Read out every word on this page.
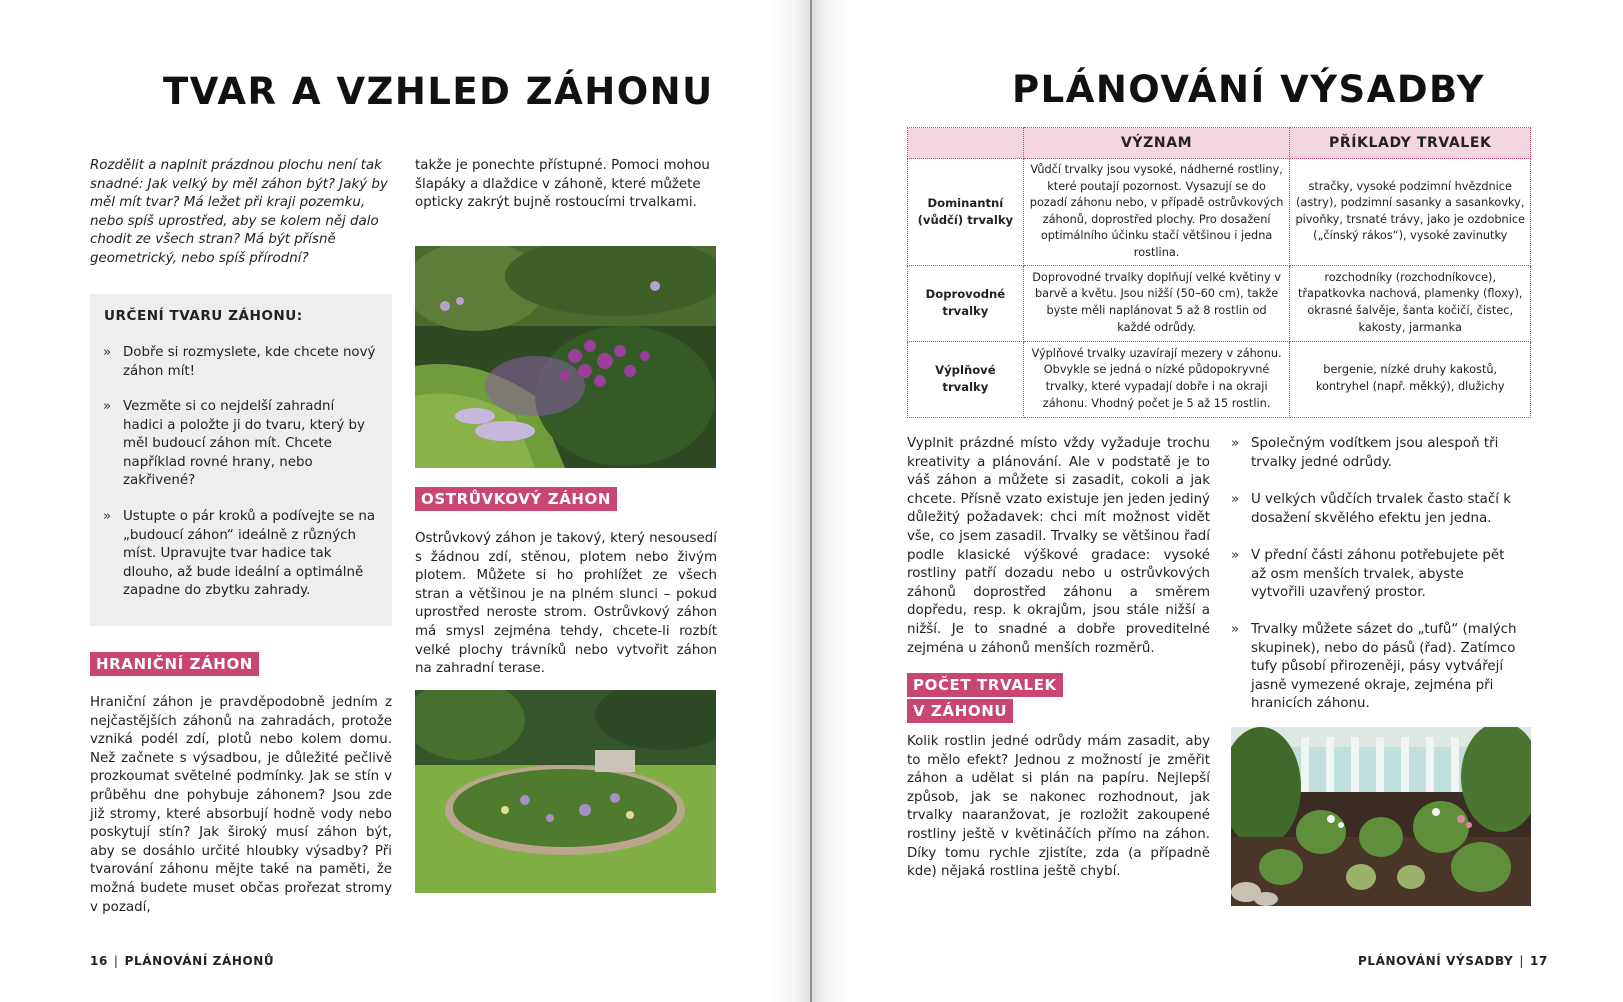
TVAR A VZHLED ZÁHONU

Rozdělit a naplnit prázdnou plochu není tak snadné: Jak velký by měl záhon být? Jaký by měl mít tvar? Má ležet při kraji pozemku, nebo spíš uprostřed, aby se kolem něj dalo chodit ze všech stran? Má být přísně geometrický, nebo spíš přírodní?

URČENÍ TVARU ZÁHONU:

» Dobře si rozmyslete, kde chcete nový záhon mít!
» Vezměte si co nejdelší zahradní hadici a položte ji do tvaru, který by měl budoucí záhon mít. Chcete například rovné hrany, nebo zakřivené?
» Ustupte o pár kroků a podívejte se na „budoucí záhon“ ideálně z různých míst. Upravujte tvar hadice tak dlouho, až bude ideální a optimálně zapadne do zbytku zahrady.
HRANIČNÍ ZÁHON

Hraniční záhon je pravděpodobně jedním z nejčastějších záhonů na zahradách, protože vzniká podél zdí, plotů nebo kolem domu. Než začnete s výsadbou, je důležité pečlivě prozkoumat světelné podmínky. Jak se stín v průběhu dne pohybuje záhonem? Jsou zde již stromy, které absorbují hodně vody nebo poskytují stín? Jak široký musí záhon být, aby se dosáhlo určité hloubky výsadby? Při tvarování záhonu mějte také na paměti, že možná budete muset občas prořezat stromy v pozadí,

takže je ponechte přístupné. Pomoci mohou šlapáky a dlaždice v záhoně, které můžete opticky zakrýt bujně rostoucími trvalkami.

OSTRŮVKOVÝ ZÁHON

Ostrůvkový záhon je takový, který nesousedí s žádnou zdí, stěnou, plotem nebo živým plotem. Můžete si ho prohlížet ze všech stran a většinou je na plném slunci – pokud uprostřed neroste strom. Ostrůvkový záhon má smysl zejména tehdy, chcete-li rozbít velké plochy trávníků nebo vytvořit záhon na zahradní terase.

16 | PLÁNOVÁNÍ ZÁHONŮ
PLÁNOVÁNÍ VÝSADBY
	VÝZNAM	PŘÍKLADY TRVALEK
Dominantní (vůdčí) trvalky	Vůdčí trvalky jsou vysoké, nádherné rostliny, které poutají pozornost. Vysazují se do pozadí záhonu nebo, v případě ostrůvkových záhonů, doprostřed plochy. Pro dosažení optimálního účinku stačí většinou i jedna rostlina.	stračky, vysoké podzimní hvězdnice (astry), podzimní sasanky a sasankovky, pivoňky, trsnaté trávy, jako je ozdobnice („čínský rákos“), vysoké zavinutky
Doprovodné trvalky	Doprovodné trvalky doplňují velké květiny v barvě a květu. Jsou nižší (50–60 cm), takže byste měli naplánovat 5 až 8 rostlin od každé odrůdy.	rozchodníky (rozchodníkovce), třapatkovka nachová, plamenky (floxy), okrasné šalvěje, šanta kočičí, čistec, kakosty, jarmanka
Výplňové trvalky	Výplňové trvalky uzavírají mezery v záhonu. Obvykle se jedná o nízké půdopokryvné trvalky, které vypadají dobře i na okraji záhonu. Vhodný počet je 5 až 15 rostlin.	bergenie, nízké druhy kakostů, kontryhel (např. měkký), dlužichy

Vyplnit prázdné místo vždy vyžaduje trochu kreativity a plánování. Ale v podstatě je to váš záhon a můžete si zasadit, cokoli a jak chcete. Přísně vzato existuje jen jeden jediný důležitý požadavek: chci mít možnost vidět vše, co jsem zasadil. Trvalky se většinou řadí podle klasické výškové gradace: vysoké rostliny patří dozadu nebo u ostrůvkových záhonů doprostřed záhonu a směrem dopředu, resp. k okrajům, jsou stále nižší a nižší. Je to snadné a dobře proveditelné zejména u záhonů menších rozměrů.

POČET TRVALEK
V ZÁHONU

Kolik rostlin jedné odrůdy mám zasadit, aby to mělo efekt? Jednou z možností je změřit záhon a udělat si plán na papíru. Nejlepší způsob, jak se nakonec rozhodnout, jak trvalky naaranžovat, je rozložit zakoupené rostliny ještě v květináčích přímo na záhon. Díky tomu rychle zjistíte, zda (a případně kde) nějaká rostlina ještě chybí.

» Společným vodítkem jsou alespoň tři trvalky jedné odrůdy.
» U velkých vůdčích trvalek často stačí k dosažení skvělého efektu jen jedna.
» V přední části záhonu potřebujete pět až osm menších trvalek, abyste vytvořili uzavřený prostor.
» Trvalky můžete sázet do „tufů“ (malých skupinek), nebo do pásů (řad). Zatímco tufy působí přirozeněji, pásy vytvářejí jasně vymezené okraje, zejména při hranicích záhonu.
PLÁNOVÁNÍ VÝSADBY | 17
